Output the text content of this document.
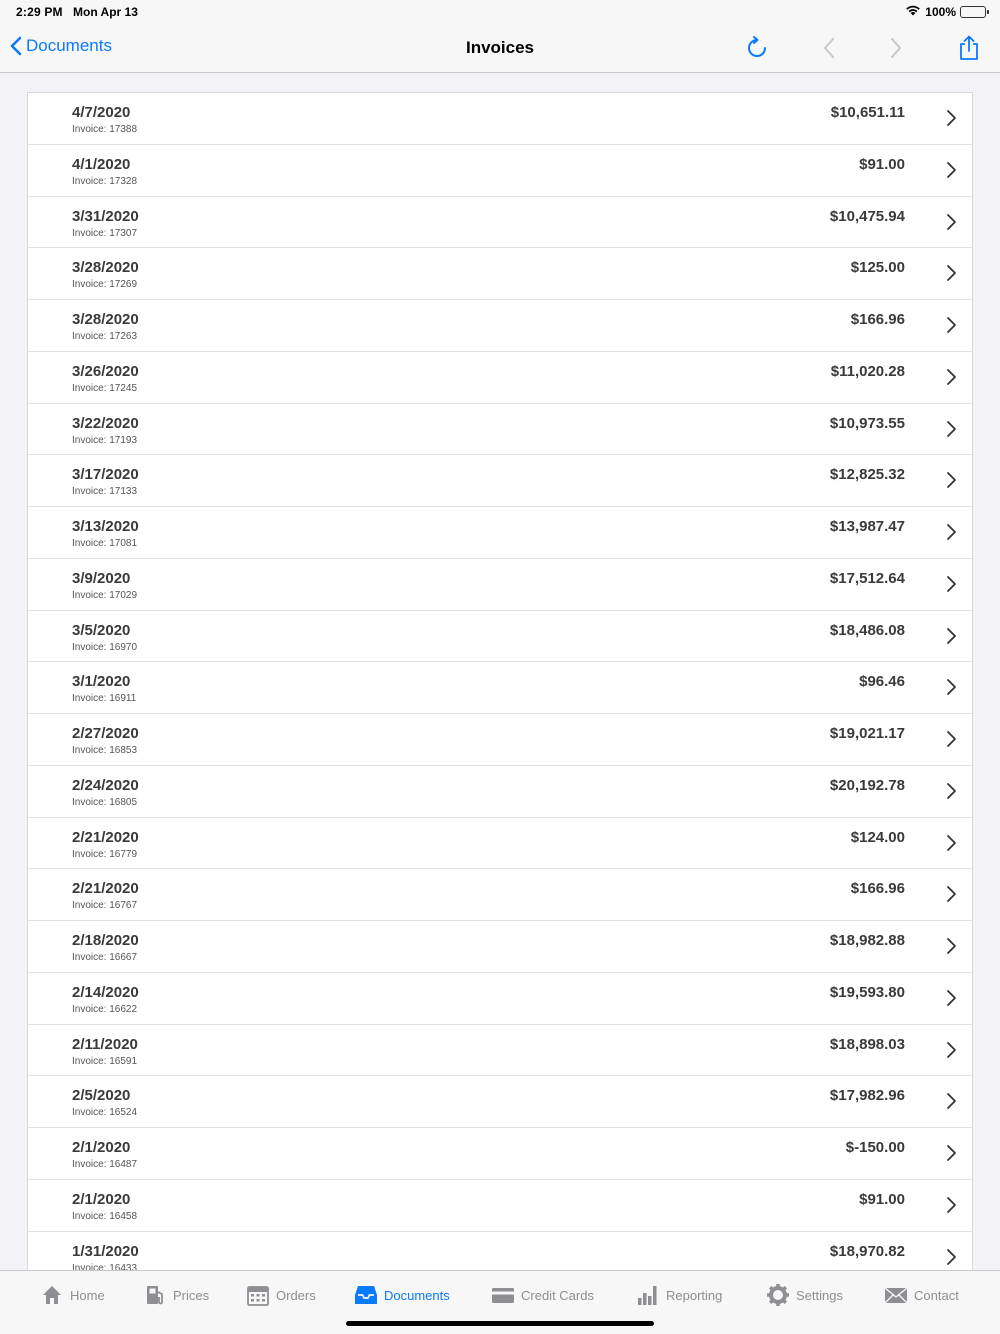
2:29 PM Mon Apr 13	100%
Documents	Invoices
4/7/2020
Invoice: 17388
$10,651.11
4/1/2020
Invoice: 17328
$91.00
3/31/2020
Invoice: 17307
$10,475.94
3/28/2020
Invoice: 17269
$125.00
3/28/2020
Invoice: 17263
$166.96
3/26/2020
Invoice: 17245
$11,020.28
3/22/2020
Invoice: 17193
$10,973.55
3/17/2020
Invoice: 17133
$12,825.32
3/13/2020
Invoice: 17081
$13,987.47
3/9/2020
Invoice: 17029
$17,512.64
3/5/2020
Invoice: 16970
$18,486.08
3/1/2020
Invoice: 16911
$96.46
2/27/2020
Invoice: 16853
$19,021.17
2/24/2020
Invoice: 16805
$20,192.78
2/21/2020
Invoice: 16779
$124.00
2/21/2020
Invoice: 16767
$166.96
2/18/2020
Invoice: 16667
$18,982.88
2/14/2020
Invoice: 16622
$19,593.80
2/11/2020
Invoice: 16591
$18,898.03
2/5/2020
Invoice: 16524
$17,982.96
2/1/2020
Invoice: 16487
$-150.00
2/1/2020
Invoice: 16458
$91.00
1/31/2020
Invoice: 16433
$18,970.82
Home	Prices	Orders	Documents	Credit Cards	Reporting	Settings	Contact
